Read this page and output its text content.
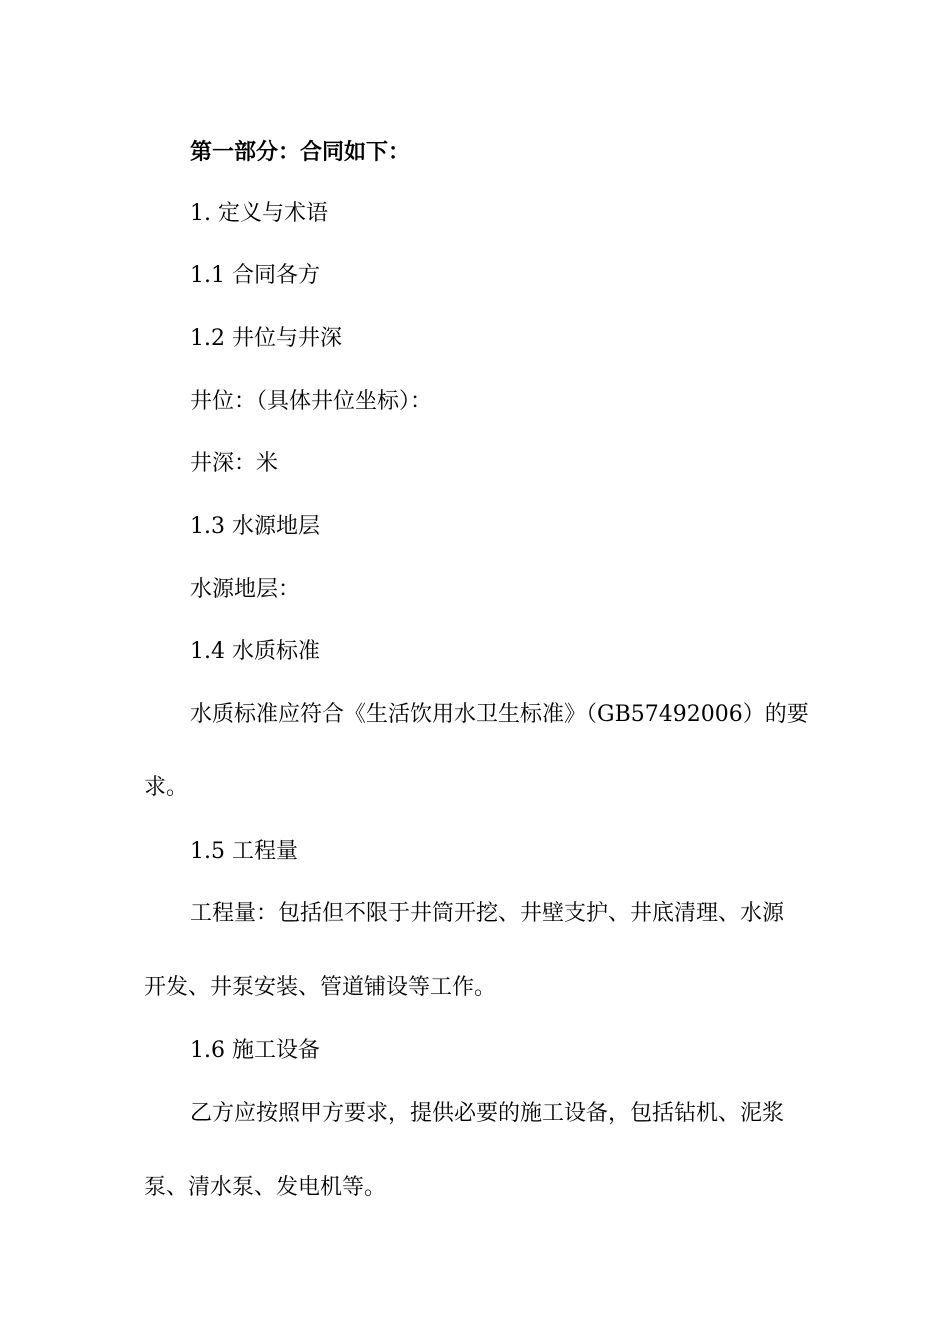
第一部分：合同如下：
1. 定义与术语
1.1 合同各方
1.2 井位与井深
井位：（具体井位坐标）：
井深：米
1.3 水源地层
水源地层：
1.4 水质标准
水质标准应符合《生活饮用水卫生标准》（GB57492006）的要
求。
1.5 工程量
工程量：包括但不限于井筒开挖、井壁支护、井底清理、水源
开发、井泵安装、管道铺设等工作。
1.6 施工设备
乙方应按照甲方要求，提供必要的施工设备，包括钻机、泥浆
泵、清水泵、发电机等。
